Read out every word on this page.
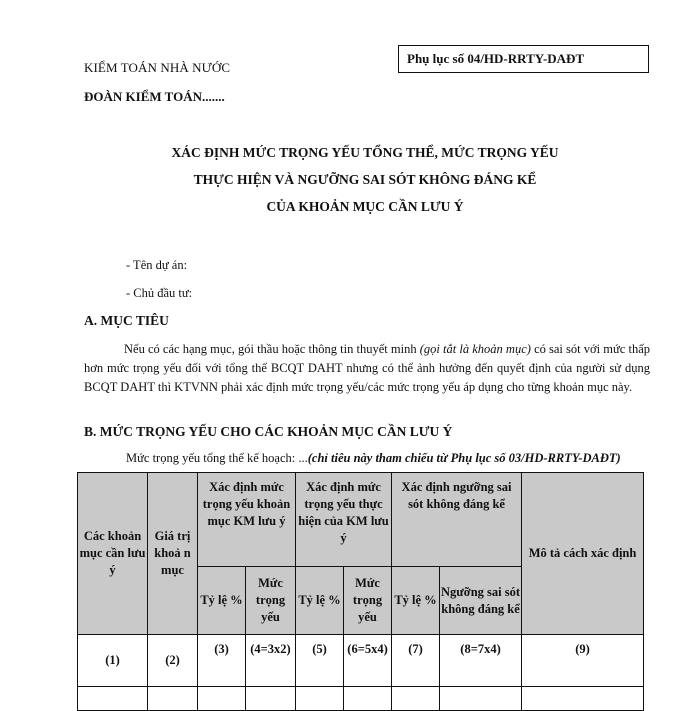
KIỂM TOÁN NHÀ NƯỚC
ĐOÀN KIỂM TOÁN.......
Phụ lục số 04/HD-RRTY-DAĐT
XÁC ĐỊNH MỨC TRỌNG YẾU TỔNG THỂ, MỨC TRỌNG YẾU
THỰC HIỆN VÀ NGƯỠNG SAI SÓT KHÔNG ĐÁNG KỂ
CỦA KHOẢN MỤC CẦN LƯU Ý
- Tên dự án:
- Chủ đầu tư:
A. MỤC TIÊU
Nếu có các hạng mục, gói thầu hoặc thông tin thuyết minh (gọi tắt là khoản mục) có sai sót với mức thấp hơn mức trọng yếu đối với tổng thể BCQT DAHT nhưng có thể ảnh hưởng đến quyết định của người sử dụng BCQT DAHT thì KTVNN phải xác định mức trọng yếu/các mức trọng yếu áp dụng cho từng khoản mục này.
B. MỨC TRỌNG YẾU CHO CÁC KHOẢN MỤC CẦN LƯU Ý
Mức trọng yếu tổng thể kế hoạch: ...(chỉ tiêu này tham chiếu từ Phụ lục số 03/HD-RRTY-DAĐT)
Các khoản mục cần lưu ý	Giá trị khoả n mục	Xác định mức trọng yếu khoản mục KM lưu ý		Xác định mức trọng yếu thực hiện của KM lưu ý		Xác định ngưỡng sai sót không đáng kể		Mô tả cách xác định
		Tỷ lệ %	Mức trọng yếu	Tỷ lệ %	Mức trọng yếu	Tỷ lệ %	Ngưỡng sai sót không đáng kể	
(1)	(2)	(3)	(4=3x2)	(5)	(6=5x4)	(7)	(8=7x4)	(9)
